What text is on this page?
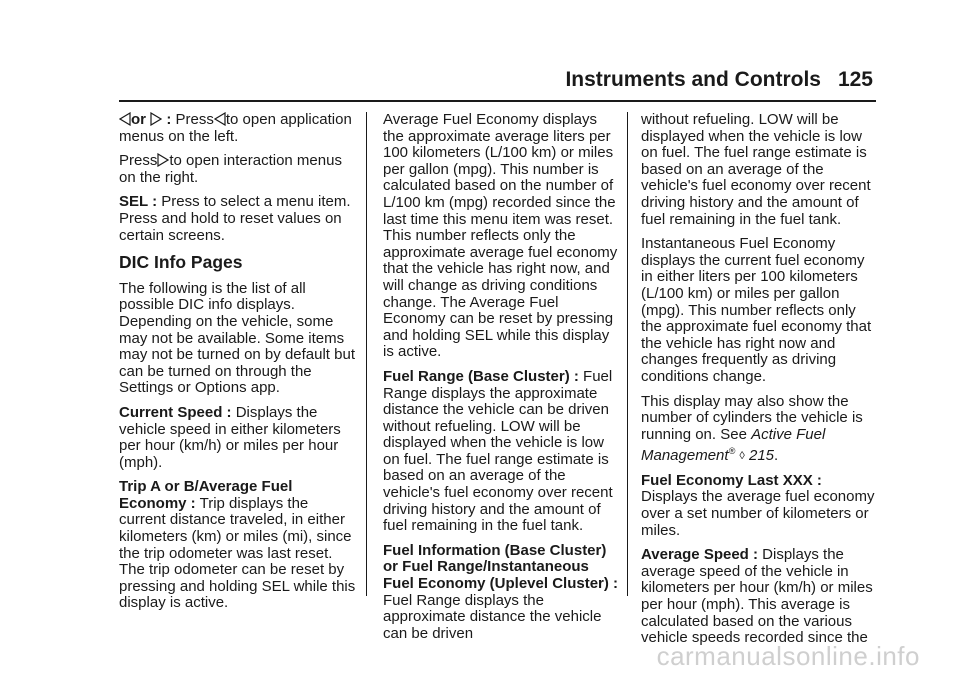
Instruments and Controls 125

or : Press to open application menus on the left.

Press to open interaction menus on the right.

SEL : Press to select a menu item. Press and hold to reset values on certain screens.

DIC Info Pages

The following is the list of all possible DIC info displays. Depending on the vehicle, some may not be available. Some items may not be turned on by default but can be turned on through the Settings or Options app.

Current Speed : Displays the vehicle speed in either kilometers per hour (km/h) or miles per hour (mph).

Trip A or B/Average Fuel Economy : Trip displays the current distance traveled, in either kilometers (km) or miles (mi), since the trip odometer was last reset. The trip odometer can be reset by pressing and holding SEL while this display is active.

Average Fuel Economy displays the approximate average liters per 100 kilometers (L/100 km) or miles per gallon (mpg). This number is calculated based on the number of L/100 km (mpg) recorded since the last time this menu item was reset. This number reflects only the approximate average fuel economy that the vehicle has right now, and will change as driving conditions change. The Average Fuel Economy can be reset by pressing and holding SEL while this display is active.

Fuel Range (Base Cluster) : Fuel Range displays the approximate distance the vehicle can be driven without refueling. LOW will be displayed when the vehicle is low on fuel. The fuel range estimate is based on an average of the vehicle's fuel economy over recent driving history and the amount of fuel remaining in the fuel tank.

Fuel Information (Base Cluster) or Fuel Range/Instantaneous Fuel Economy (Uplevel Cluster) : Fuel Range displays the approximate distance the vehicle can be driven

without refueling. LOW will be displayed when the vehicle is low on fuel. The fuel range estimate is based on an average of the vehicle's fuel economy over recent driving history and the amount of fuel remaining in the fuel tank.

Instantaneous Fuel Economy displays the current fuel economy in either liters per 100 kilometers (L/100 km) or miles per gallon (mpg). This number reflects only the approximate fuel economy that the vehicle has right now and changes frequently as driving conditions change.

This display may also show the number of cylinders the vehicle is running on. See Active Fuel Management® ◊ 215.

Fuel Economy Last XXX : Displays the average fuel economy over a set number of kilometers or miles.

Average Speed : Displays the average speed of the vehicle in kilometers per hour (km/h) or miles per hour (mph). This average is calculated based on the various vehicle speeds recorded since the

carmanualsonline.info
